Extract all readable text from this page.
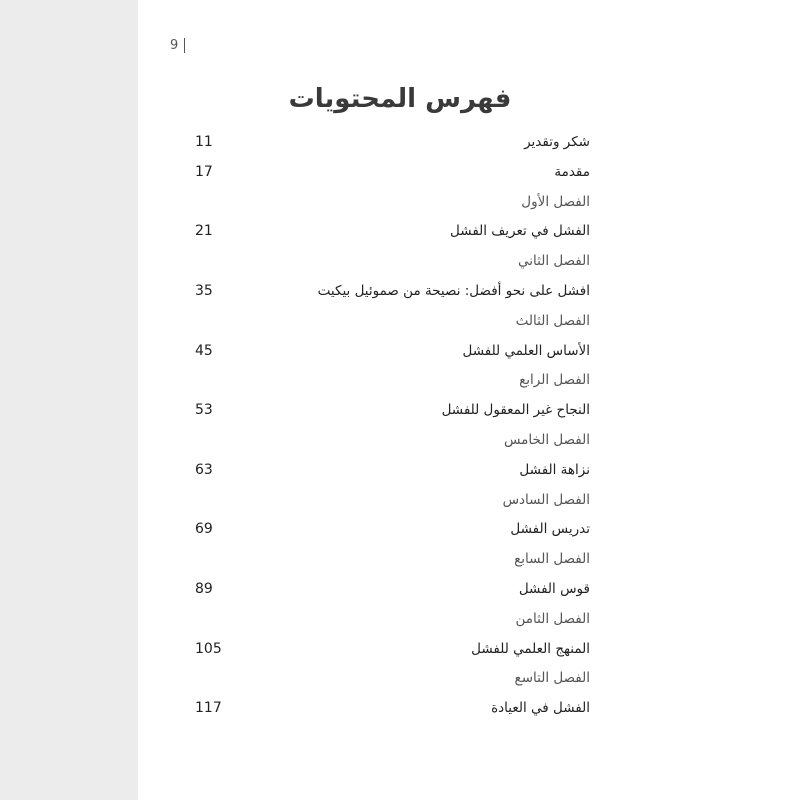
9
فهرس المحتويات
شكر وتقدير
11
مقدمة
17
الفصل الأول
الفشل في تعريف الفشل
21
الفصل الثاني
افشل على نحو أفضل: نصيحة من صموئيل بيكيت
35
الفصل الثالث
الأساس العلمي للفشل
45
الفصل الرابع
النجاح غير المعقول للفشل
53
الفصل الخامس
نزاهة الفشل
63
الفصل السادس
تدريس الفشل
69
الفصل السابع
قوس الفشل
89
الفصل الثامن
المنهج العلمي للفشل
105
الفصل التاسع
الفشل في العيادة
117
